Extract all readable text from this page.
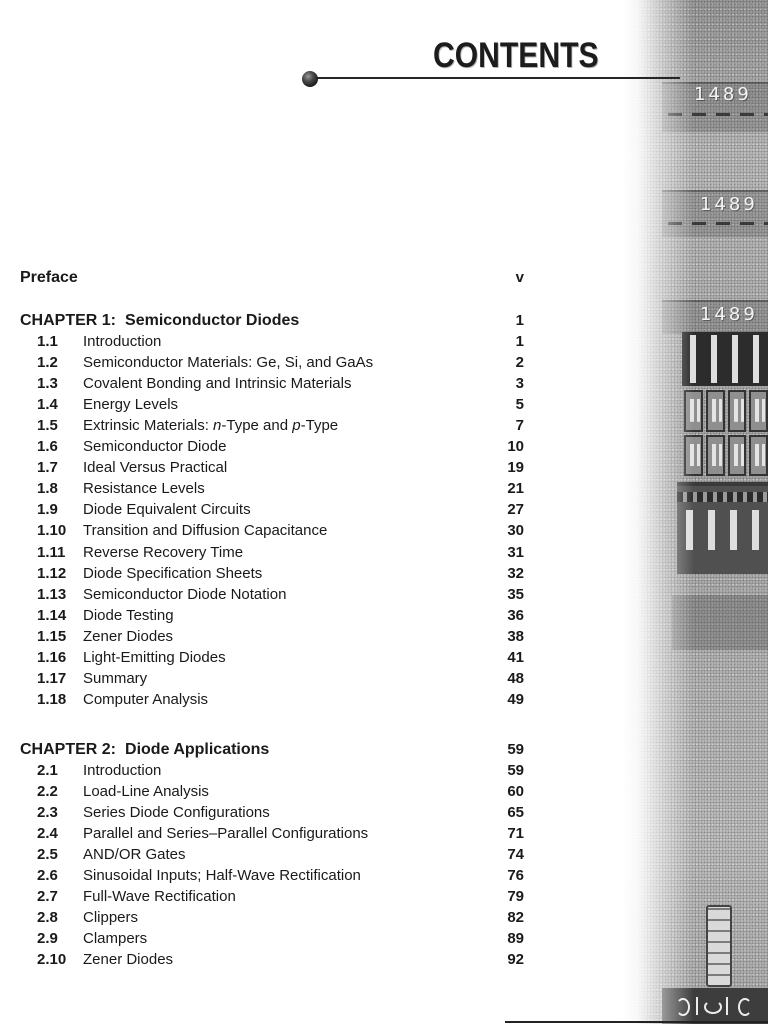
1489
1489
1489
CONTENTS
Preface	v
CHAPTER 1: Semiconductor Diodes	1
1.1 Introduction	1
1.2 Semiconductor Materials: Ge, Si, and GaAs	2
1.3 Covalent Bonding and Intrinsic Materials	3
1.4 Energy Levels	5
1.5 Extrinsic Materials: n-Type and p-Type	7
1.6 Semiconductor Diode	10
1.7 Ideal Versus Practical	19
1.8 Resistance Levels	21
1.9 Diode Equivalent Circuits	27
1.10 Transition and Diffusion Capacitance	30
1.11 Reverse Recovery Time	31
1.12 Diode Specification Sheets	32
1.13 Semiconductor Diode Notation	35
1.14 Diode Testing	36
1.15 Zener Diodes	38
1.16 Light-Emitting Diodes	41
1.17 Summary	48
1.18 Computer Analysis	49
CHAPTER 2: Diode Applications	59
2.1 Introduction	59
2.2 Load-Line Analysis	60
2.3 Series Diode Configurations	65
2.4 Parallel and Series–Parallel Configurations	71
2.5 AND/OR Gates	74
2.6 Sinusoidal Inputs; Half-Wave Rectification	76
2.7 Full-Wave Rectification	79
2.8 Clippers	82
2.9 Clampers	89
2.10 Zener Diodes	92
